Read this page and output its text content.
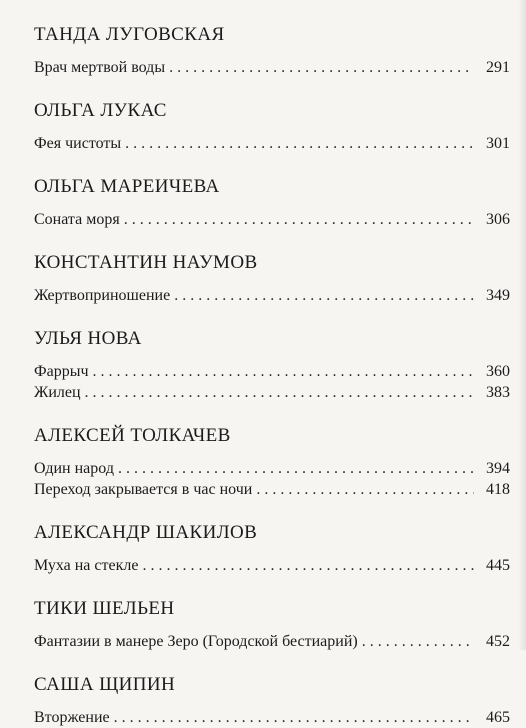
ТАНДА ЛУГОВСКАЯ
Врач мертвой воды . . .	291
ОЛЬГА ЛУКАС
Фея чистоты . . .	301
ОЛЬГА МАРЕИЧЕВА
Соната моря . . .	306
КОНСТАНТИН НАУМОВ
Жертвоприношение . . .	349
УЛЬЯ НОВА
Фаррыч . . .	360
Жилец . . .	383
АЛЕКСЕЙ ТОЛКАЧЕВ
Один народ . . .	394
Переход закрывается в час ночи . . .	418
АЛЕКСАНДР ШАКИЛОВ
Муха на стекле . . .	445
ТИКИ ШЕЛЬЕН
Фантазии в манере Зеро (Городской бестиарий) . . .	452
САША ЩИПИН
Вторжение . . .	465
